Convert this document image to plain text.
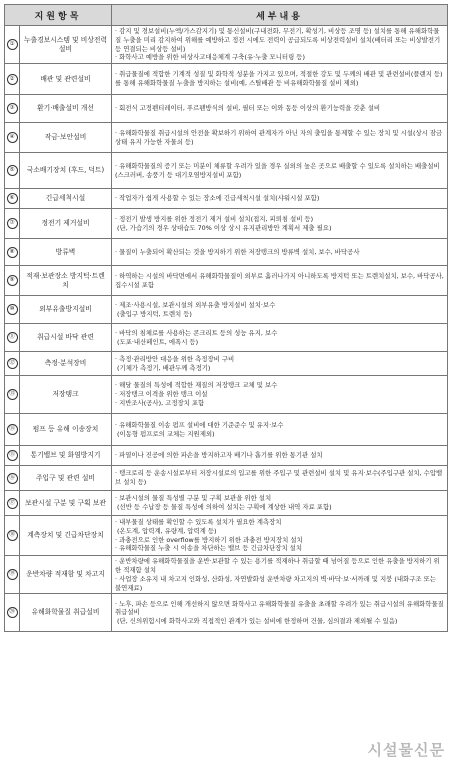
지원항목		세부내용
①	누출경보시스템 및 비상전력설비	· 감지 및 경보설비(누액/가스감지기) 및 통신설비(구내전화, 무전기, 확성기, 비상등 조명 등) 설치를 통해 유해화학물질 누출을 미리 감지하여 위해를 예방하고 정전 시에도 전력이 공급되도록 비상전력설비 설치(배터리 또는 비상발전기 등 연결되는 비상등 설비)
· 화학사고 예방을 위한 비상사고대응체계 구축(유·누출 모니터링 등)
②	배관 및 관련설비	· 취급물질에 적합한 기계적 성질 및 화학적 성분을 가지고 있으며, 적절한 강도 및 두께의 배관 및 관련설비(플랜지 등)를 통해 유해화학물질 누출을 방지하는 설비(예, 스틸배관 등 비유해화학물질 설비 제외)
③	환기·배출설비 개선	· 회전식 고정펜티레이터, 푸르팬방식의 설비, 필터 또는 이와 동등 이상의 환기능력을 갖춘 설비
④	작금·보안설비	· 유해화학물질 취급시설의 안전을 확보하기 위하여 관계자가 아닌 자의 출입을 통제할 수 있는 장치 및 시설(상시 잠금상태 유지 가능한 자물쇠 등)
⑤	국소배기장치 (후드, 덕트)	· 유해화학물질의 증기 또는 미분이 체류할 우려가 있을 경우 실외의 높은 곳으로 배출할 수 있도록 설치하는 배출설비(스크러버, 송풍기 등 대기오염방지설비 포함)
⑥	긴급세척시설	· 작업자가 쉽게 사용할 수 있는 장소에 긴급세척시설 설치(샤워시설 포함)
⑦	정전기 제거설비	· 정전기 발생 방지를 위한 정전기 제거 설비 설치(접지, 피뢰침 설비 등)
(단, 가습기의 경우 상대습도 70% 이상 상시 유지관리방안 계획서 제출 필요)
⑧	방류벽	· 물질이 누출되어 확산되는 것을 방지하기 위한 저장탱크의 방류벽 설치, 보수, 바닥공사
⑨	적재·보관장소 방지턱·트렌치	· 하역하는 시설의 바닥면에서 유해화학물질이 외부로 흘러나가지 아니하도록 방지턱 또는 트렌치설치, 보수, 바닥공사, 집수시설 포함
⑩	외부유출방지설비	· 제조·사용시설, 보관시설의 외부유출 방지설비 설치·보수
(출입구 방지턱, 트렌치 등)
⑪	취급시설 바닥 관련	· 바닥의 침체로를 사용하는 콘크리트 등의 성능 유지, 보수
(도포·내산페인트, 에폭시 등)
⑫	측정·분석장비	· 측정·관리방안 대응을 위한 측정장비 구비
(기체가 측정기, 배관두께 측정기)
⑬	저장탱크	· 해당 물질의 특성에 적합한 재질의 저장탱크 교체 및 보수
· 저장탱크 이격을 위한 탱크 이설
· 지반조사(공사), 고정장치 포함
⑭	펌프 등 유해 이송장치	· 유해화학물질 이송 펌프 설비에 대한 기준준수 및 유지·보수
(이동형 펌프로의 교체는 지원제외)
⑮	통기밸브 및 화염방지기	· 파열이나 진공에 의한 파손을 방지하고자 배기나 흡기를 위한 통기관 설치
⑯	주입구 및 관련 설비	· 탱크로리 등 운송시설로부터 저장시설로의 입고를 위한 주입구 및 관련설비 설치 및 유지·보수(주입구관 설치, 수압밸브 설치 등)
⑰	보관시설 구분 및 구획 보관	· 보관시설의 물질 특성별 구분 및 구획 보관을 위한 설치
(선반 등 수납장 등 물질 특성에 의하여 설치는 구획에 계상한 내역 자료 포함)
⑱	계측장치 및 긴급차단장치	· 내부물질 상태를 확인할 수 있도록 설치가 필요한 계측장치
(온도계, 압력계, 유량계, 압력계 등)
· 과충전으로 인한 overflow를 방지하기 위한 과충전 방지장치 설치
· 유해화학물질 누출 시 이송을 차단하는 밸브 등 긴급차단장치 설치
⑲	운반차량 적재함 및 차고지	· 운반차량에 유해화학물질을 운반·보관할 수 있는 용기를 적재하나 취급할 때 넘어질 등으로 인한 유출을 방지하기 위한 적재함 설치
· 사업장 소유지 내 차고지 인화성, 산화성, 자연발화성 운반차량 차고지의 벽·바닥·보·서까래 및 지붕 (내화구조 또는 불연재료)
⑳	유해화학물질 취급설비	· 노후, 파손 등으로 인해 개선하지 않으면 화학사고 유해화학물질 유출을 초래할 우려가 있는 취급시설의 유해화학물질 취급설비
(단, 신의위험시에 화학사고와 직접적인 관계가 있는 설비에 한정하며 건물, 심의결과 제외될 수 있음)
시설물신문
